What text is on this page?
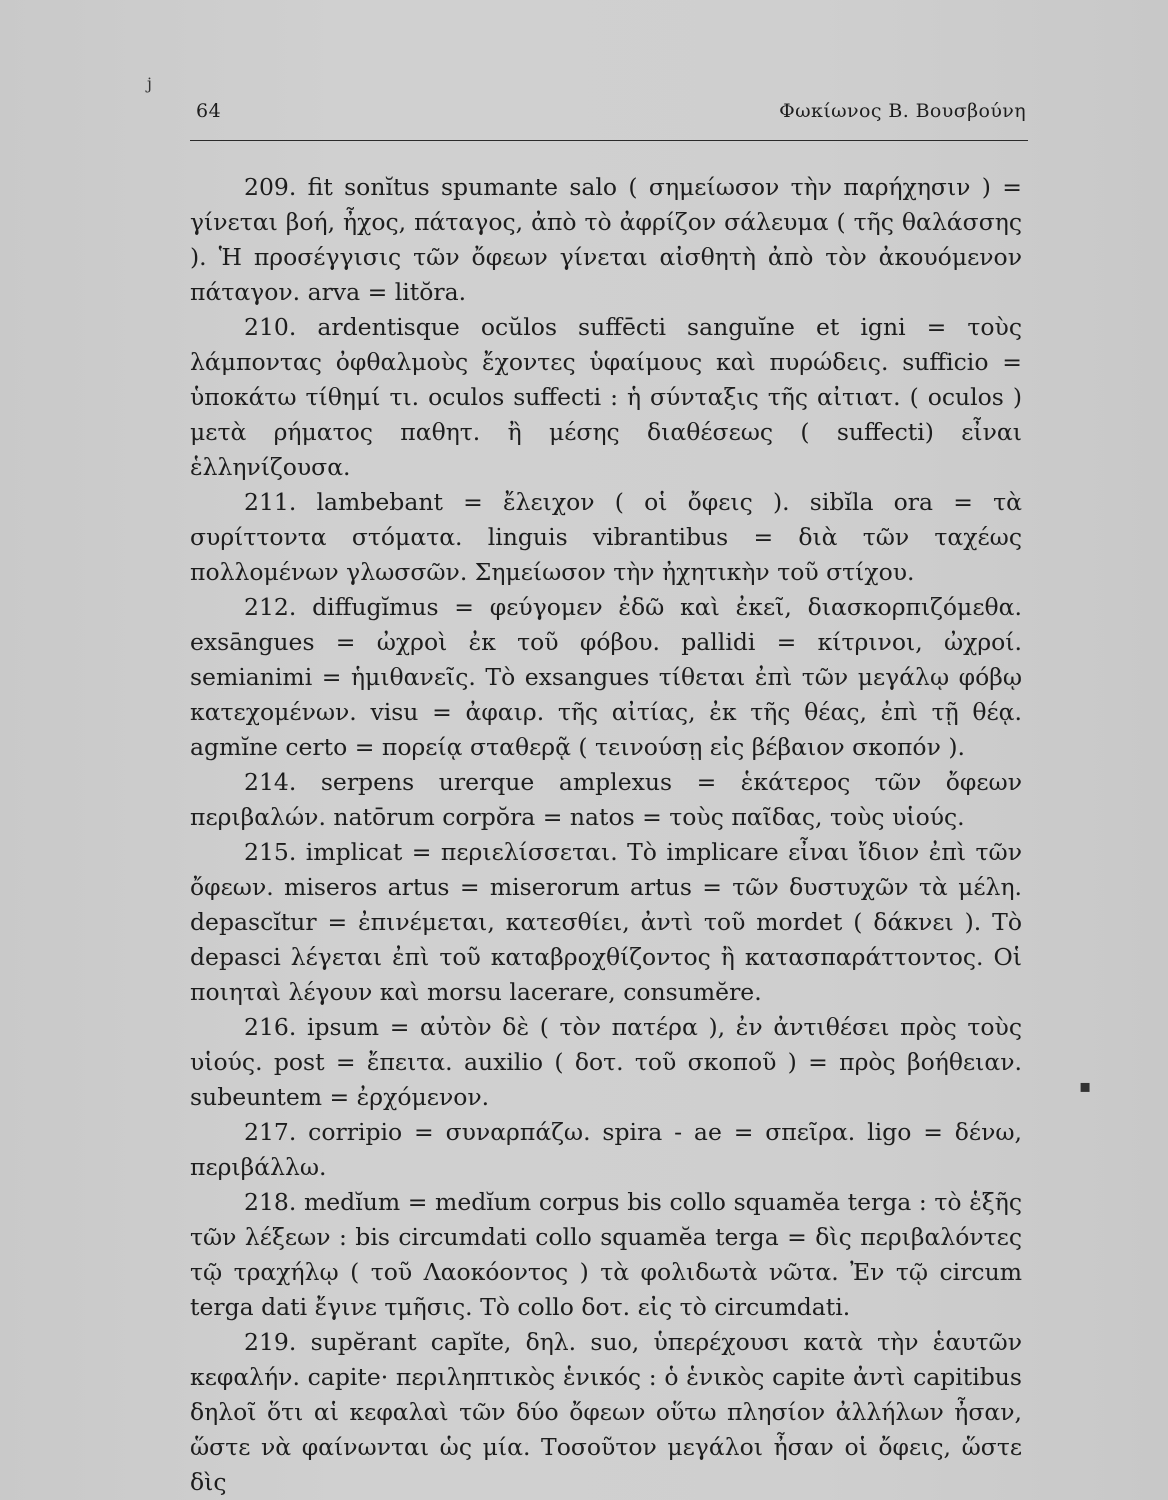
j
64	Φωκίωνος Β. Βουσβούνη

209. fit sonĭtus spumante salo ( σημείωσον τὴν παρήχησιν ) = γίνεται βοή, ἦχος, πάταγος, ἀπὸ τὸ ἀφρίζον σάλευμα ( τῆς θαλάσσης ). Ἡ προσέγγισις τῶν ὄφεων γίνεται αἰσθητὴ ἀπὸ τὸν ἀκουόμενον πάταγον. arva = litŏra.

210. ardentisque ocŭlos suffēcti sanguĭne et igni = τοὺς λάμποντας ὀφθαλμοὺς ἔχοντες ὑφαίμους καὶ πυρώδεις. sufficio = ὑποκάτω τίθημί τι. oculos suffecti : ἡ σύνταξις τῆς αἰτιατ. ( oculos ) μετὰ ρήματος παθητ. ἢ μέσης διαθέσεως ( suffecti) εἶναι ἑλληνίζουσα.

211. lambebant = ἔλειχον ( οἱ ὄφεις ). sibĭla ora = τὰ συρίττοντα στόματα. linguis vibrantibus = διὰ τῶν ταχέως πολλομένων γλωσσῶν. Σημείωσον τὴν ἠχητικὴν τοῦ στίχου.

212. diffugĭmus = φεύγομεν ἐδῶ καὶ ἐκεῖ, διασκορπιζόμεθα. exsāngues = ὠχροὶ ἐκ τοῦ φόβου. pallidi = κίτρινοι, ὠχροί. semianimi = ἡμιθανεῖς. Τὸ exsangues τίθεται ἐπὶ τῶν μεγάλῳ φόβῳ κατεχομένων. visu = ἀφαιρ. τῆς αἰτίας, ἐκ τῆς θέας, ἐπὶ τῇ θέᾳ. agmĭne certo = πορείᾳ σταθερᾷ ( τεινούσῃ εἰς βέβαιον σκοπόν ).

214. serpens urerque amplexus = ἑκάτερος τῶν ὄφεων περιβαλών. natōrum corpŏra = natos = τοὺς παῖδας, τοὺς υἱούς.

215. implicat = περιελίσσεται. Τὸ implicare εἶναι ἴδιον ἐπὶ τῶν ὄφεων. miseros artus = miserorum artus = τῶν δυστυχῶν τὰ μέλη. depascĭtur = ἐπινέμεται, κατεσθίει, ἀντὶ τοῦ mordet ( δάκνει ). Τὸ depasci λέγεται ἐπὶ τοῦ καταβροχθίζοντος ἢ κατασπαράττοντος. Οἱ ποιηταὶ λέγουν καὶ morsu lacerare, consumĕre.

216. ipsum = αὐτὸν δὲ ( τὸν πατέρα ), ἐν ἀντιθέσει πρὸς τοὺς υἱούς. post = ἔπειτα. auxilio ( δοτ. τοῦ σκοποῦ ) = πρὸς βοήθειαν. subeuntem = ἐρχόμενον.

217. corripio = συναρπάζω. spira - ae = σπεῖρα. ligo = δένω, περιβάλλω.

218. medĭum = medĭum corpus bis collo squamĕa terga : τὸ ἑξῆς τῶν λέξεων : bis circumdati collo squamĕa terga = δὶς περιβαλόντες τῷ τραχήλῳ ( τοῦ Λαοκόοντος ) τὰ φολιδωτὰ νῶτα. Ἐν τῷ circum terga dati ἔγινε τμῆσις. Τὸ collo δοτ. εἰς τὸ circumdati.

219. supĕrant capĭte, δηλ. suo, ὑπερέχουσι κατὰ τὴν ἑαυτῶν κεφαλήν. capite· περιληπτικὸς ἑνικός : ὁ ἑνικὸς capite ἀντὶ capitibus δηλοῖ ὅτι αἱ κεφαλαὶ τῶν δύο ὄφεων οὕτω πλησίον ἀλλήλων ἦσαν, ὥστε νὰ φαίνωνται ὡς μία. Τοσοῦτον μεγάλοι ἦσαν οἱ ὄφεις, ὥστε δὶς

▪
